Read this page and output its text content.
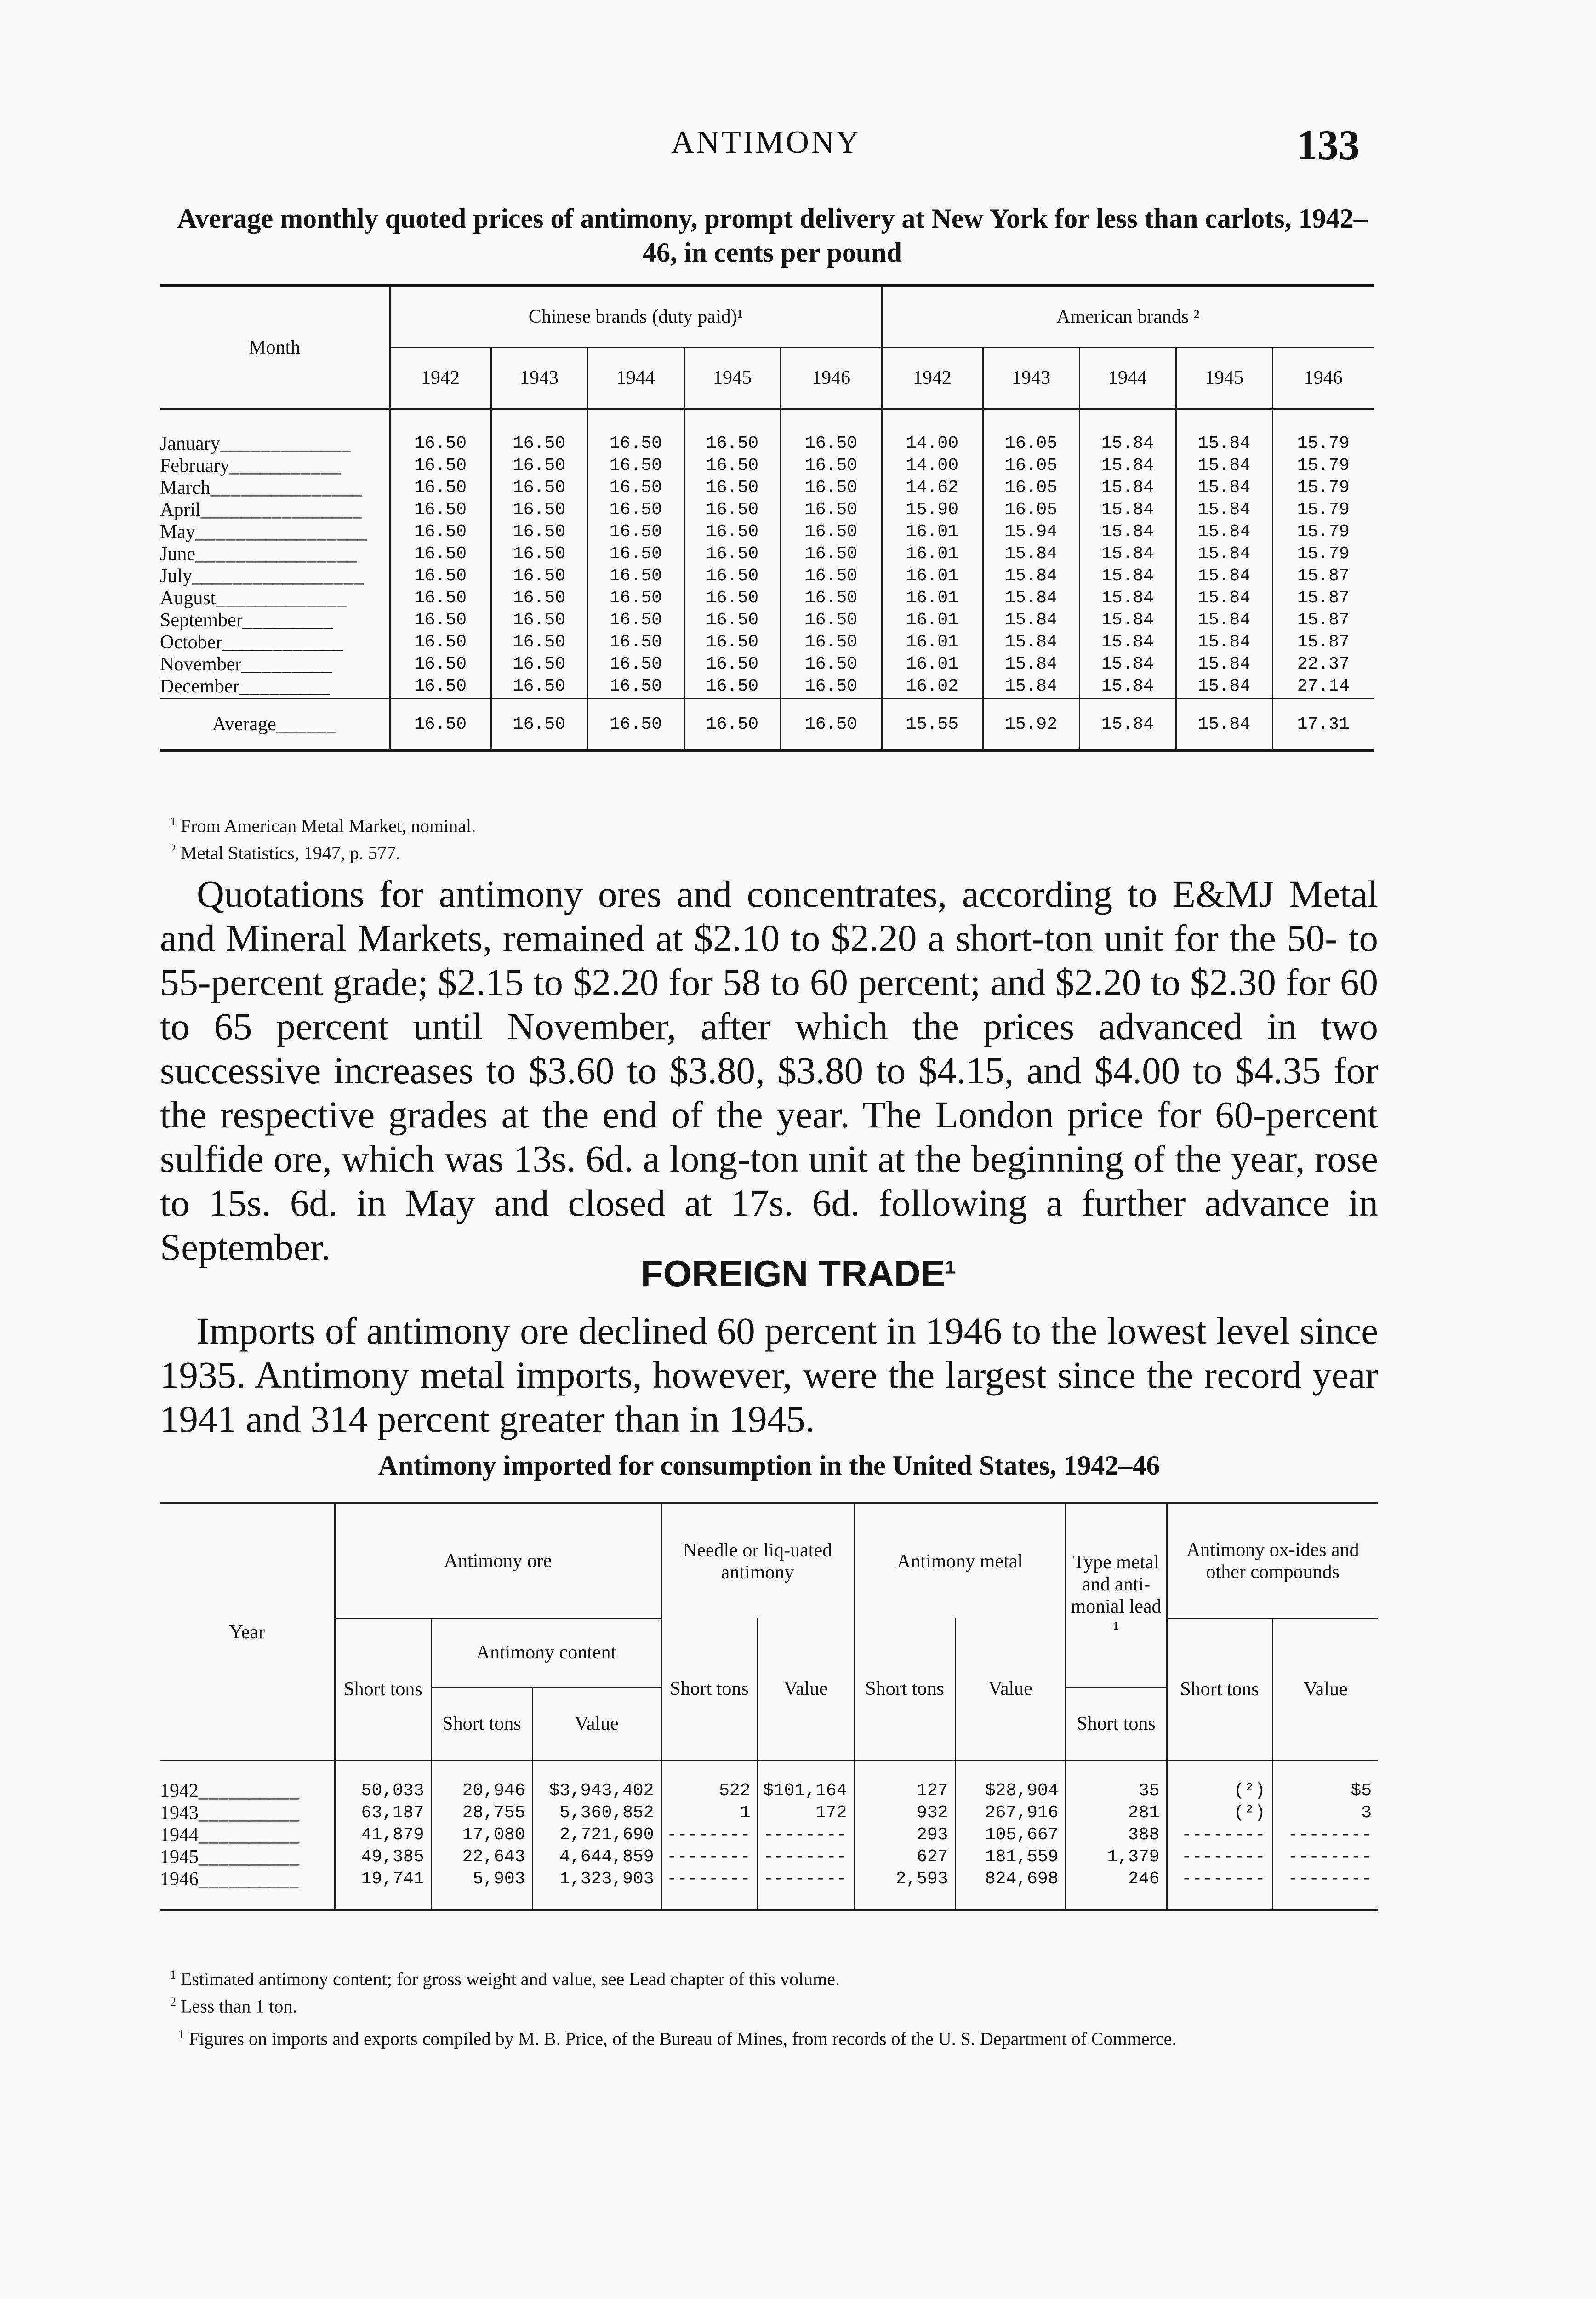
ANTIMONY	133
Average monthly quoted prices of antimony, prompt delivery at New York for less than carlots, 1942–46, in cents per pound
Month	Chinese brands (duty paid)¹					American brands ²				
	1942	1943	1944	1945	1946	1942	1943	1944	1945	1946
January_____________	16.50	16.50	16.50	16.50	16.50	14.00	16.05	15.84	15.84	15.79
February___________	16.50	16.50	16.50	16.50	16.50	14.00	16.05	15.84	15.84	15.79
March_______________	16.50	16.50	16.50	16.50	16.50	14.62	16.05	15.84	15.84	15.79
April________________	16.50	16.50	16.50	16.50	16.50	15.90	16.05	15.84	15.84	15.79
May_________________	16.50	16.50	16.50	16.50	16.50	16.01	15.94	15.84	15.84	15.79
June________________	16.50	16.50	16.50	16.50	16.50	16.01	15.84	15.84	15.84	15.79
July_________________	16.50	16.50	16.50	16.50	16.50	16.01	15.84	15.84	15.84	15.87
August_____________	16.50	16.50	16.50	16.50	16.50	16.01	15.84	15.84	15.84	15.87
September_________	16.50	16.50	16.50	16.50	16.50	16.01	15.84	15.84	15.84	15.87
October____________	16.50	16.50	16.50	16.50	16.50	16.01	15.84	15.84	15.84	15.87
November_________	16.50	16.50	16.50	16.50	16.50	16.01	15.84	15.84	15.84	22.37
December_________	16.50	16.50	16.50	16.50	16.50	16.02	15.84	15.84	15.84	27.14
Average______	16.50	16.50	16.50	16.50	16.50	15.55	15.92	15.84	15.84	17.31
$^1$ From American Metal Market, nominal.
$^2$ Metal Statistics, 1947, p. 577.
Quotations for antimony ores and concentrates, according to E&MJ Metal and Mineral Markets, remained at $2.10 to $2.20 a short-ton unit for the 50- to 55-percent grade; $2.15 to $2.20 for 58 to 60 percent; and $2.20 to $2.30 for 60 to 65 percent until November, after which the prices advanced in two successive increases to $3.60 to $3.80, $3.80 to $4.15, and $4.00 to $4.35 for the respective grades at the end of the year. The London price for 60-percent sulfide ore, which was 13s. 6d. a long-ton unit at the beginning of the year, rose to 15s. 6d. in May and closed at 17s. 6d. following a further advance in September.
FOREIGN TRADE$^1$
Imports of antimony ore declined 60 percent in 1946 to the lowest level since 1935. Antimony metal imports, however, were the largest since the record year 1941 and 314 percent greater than in 1945.
Antimony imported for consumption in the United States, 1942–46
Year	Antimony ore			Needle or liq-uated antimony		Antimony metal		Type metal and anti-monial lead ¹	Antimony ox-ides and other compounds	
	Short tons	Antimony content		Short tons	Value	Short tons	Value		Short tons	Value
		Short tons	Value					Short tons		
1942__________	50,033	20,946	$3,943,402	522	$101,164	127	$28,904	35	(²)	$5
1943__________	63,187	28,755	5,360,852	1	172	932	267,916	281	(²)	3
1944__________	41,879	17,080	2,721,690	--------	--------	293	105,667	388	--------	--------
1945__________	49,385	22,643	4,644,859	--------	--------	627	181,559	1,379	--------	--------
1946__________	19,741	5,903	1,323,903	--------	--------	2,593	824,698	246	--------	--------
$^1$ Estimated antimony content; for gross weight and value, see Lead chapter of this volume.
$^2$ Less than 1 ton.
$^1$ Figures on imports and exports compiled by M. B. Price, of the Bureau of Mines, from records of the U. S. Department of Commerce.
